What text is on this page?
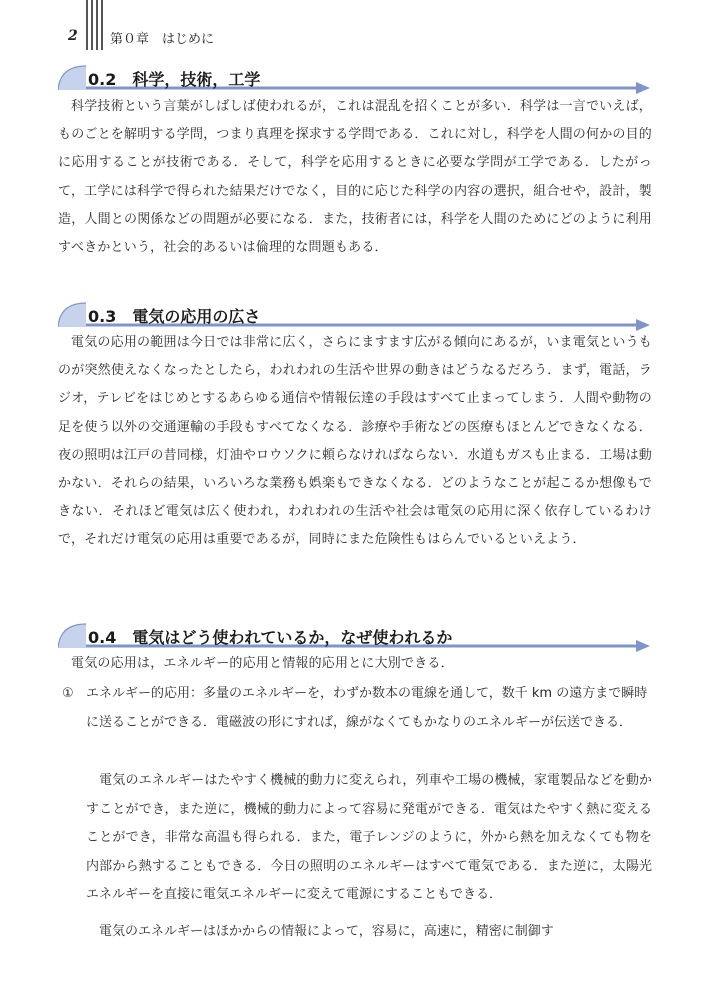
2 第０章　はじめに
0.2　科学，技術，工学
科学技術という言葉がしばしば使われるが，これは混乱を招くことが多い．科学は一言でいえば，ものごとを解明する学問，つまり真理を探求する学問である．これに対し，科学を人間の何かの目的に応用することが技術である．そして，科学を応用するときに必要な学問が工学である．したがって，工学には科学で得られた結果だけでなく，目的に応じた科学の内容の選択，組合せや，設計，製造，人間との関係などの問題が必要になる．また，技術者には，科学を人間のためにどのように利用すべきかという，社会的あるいは倫理的な問題もある．
0.3　電気の応用の広さ
電気の応用の範囲は今日では非常に広く，さらにますます広がる傾向にあるが，いま電気というものが突然使えなくなったとしたら，われわれの生活や世界の動きはどうなるだろう．まず，電話，ラジオ，テレビをはじめとするあらゆる通信や情報伝達の手段はすべて止まってしまう．人間や動物の足を使う以外の交通運輸の手段もすべてなくなる．診療や手術などの医療もほとんどできなくなる．夜の照明は江戸の昔同様，灯油やロウソクに頼らなければならない．水道もガスも止まる．工場は動かない．それらの結果，いろいろな業務も娯楽もできなくなる．どのようなことが起こるか想像もできない．それほど電気は広く使われ，われわれの生活や社会は電気の応用に深く依存しているわけで，それだけ電気の応用は重要であるが，同時にまた危険性もはらんでいるといえよう．
0.4　電気はどう使われているか，なぜ使われるか
電気の応用は，エネルギー的応用と情報的応用とに大別できる．
① エネルギー的応用：多量のエネルギーを，わずか数本の電線を通して，数千 km の遠方まで瞬時に送ることができる．電磁波の形にすれば，線がなくてもかなりのエネルギーが伝送できる．
電気のエネルギーはたやすく機械的動力に変えられ，列車や工場の機械，家電製品などを動かすことができ，また逆に，機械的動力によって容易に発電ができる．電気はたやすく熱に変えることができ，非常な高温も得られる．また，電子レンジのように，外から熱を加えなくても物を内部から熱することもできる．今日の照明のエネルギーはすべて電気である．また逆に，太陽光エネルギーを直接に電気エネルギーに変えて電源にすることもできる．
電気のエネルギーはほかからの情報によって，容易に，高速に，精密に制御す
